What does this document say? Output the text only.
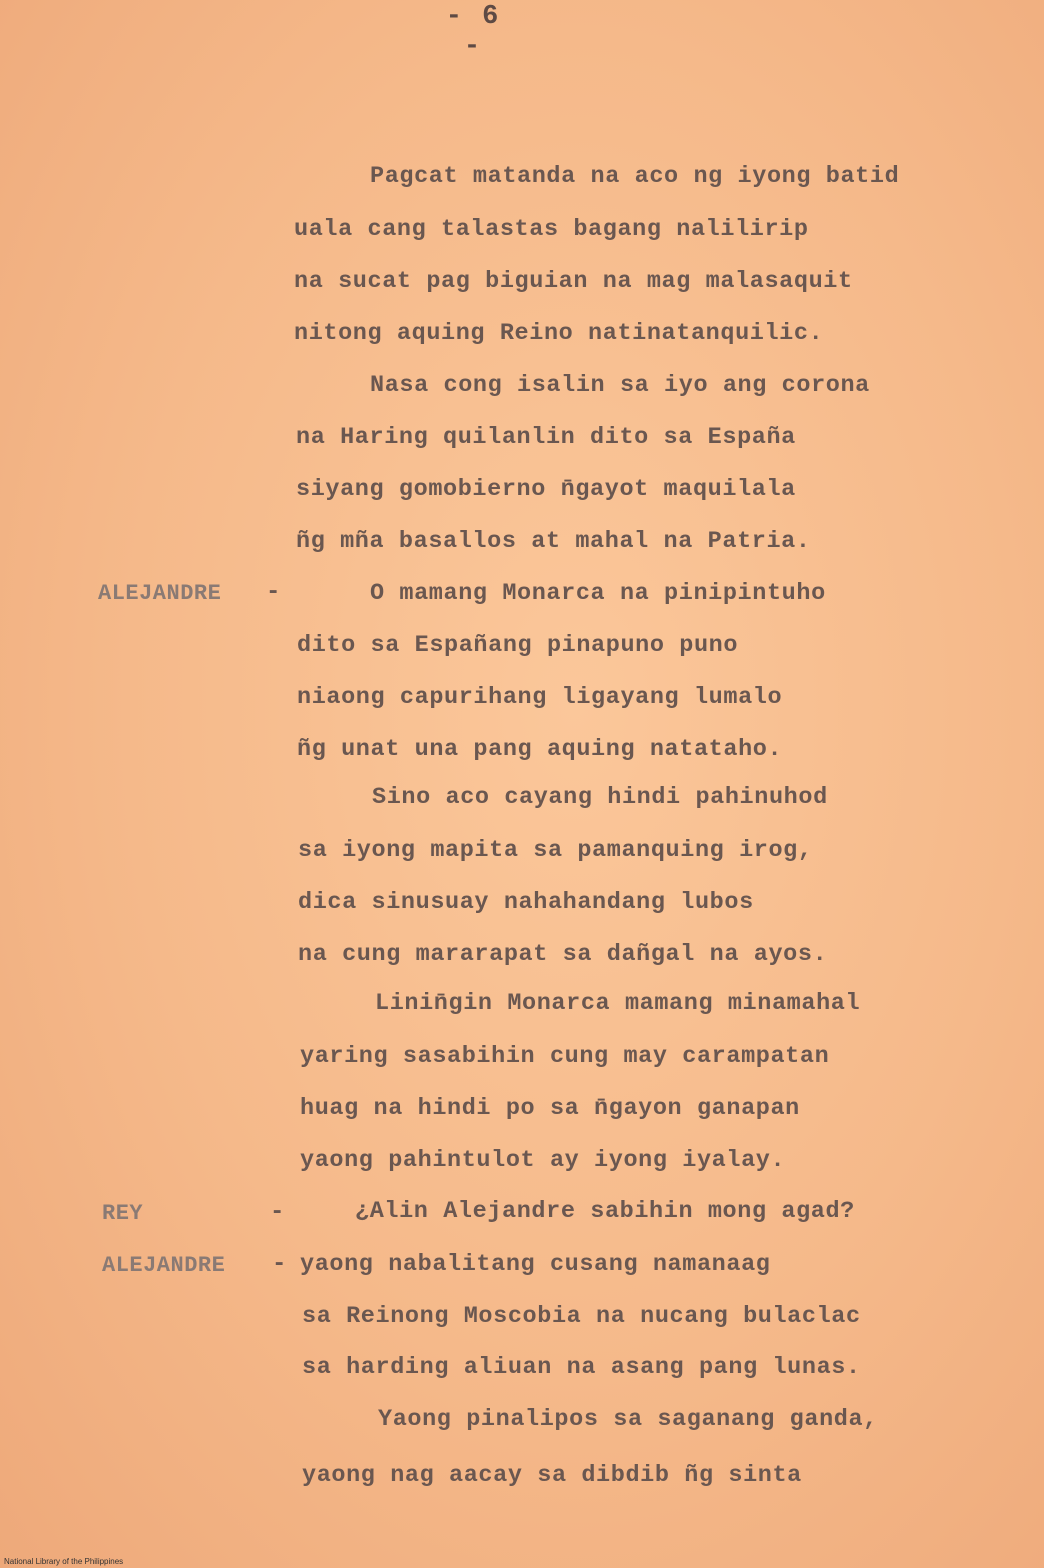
- 6 -
Pagcat matanda na aco ng iyong batid
uala cang talastas bagang nalilirip
na sucat pag biguian na mag malasaquit
nitong aquing Reino natinatanquilic.
Nasa cong isalin sa iyo ang corona
na Haring quilanlin dito sa España
siyang gomobierno n̄gayot maquilala
ñg mña basallos at mahal na Patria.
ALEJANDRE -	O mamang Monarca na pinipintuho
dito sa Españang pinapuno puno
niaong capurihang ligayang lumalo
ñg unat una pang aquing natataho.
Sino aco cayang hindi pahinuhod
sa iyong mapita sa pamanquing irog,
dica sinusuay nahahandang lubos
na cung mararapat sa dañgal na ayos.
Linin̄gin Monarca mamang minamahal
yaring sasabihin cung may carampatan
huag na hindi po sa n̄gayon ganapan
yaong pahintulot ay iyong iyalay.
REY	-	¿Alin Alejandre sabihin mong agad?
ALEJANDRE - yaong nabalitang cusang namanaag
sa Reinong Moscobia na nucang bulaclac
sa harding aliuan na asang pang lunas.
Yaong pinalipos sa saganang ganda,
yaong nag aacay sa dibdib ñg sinta
National Library of the Philippines
